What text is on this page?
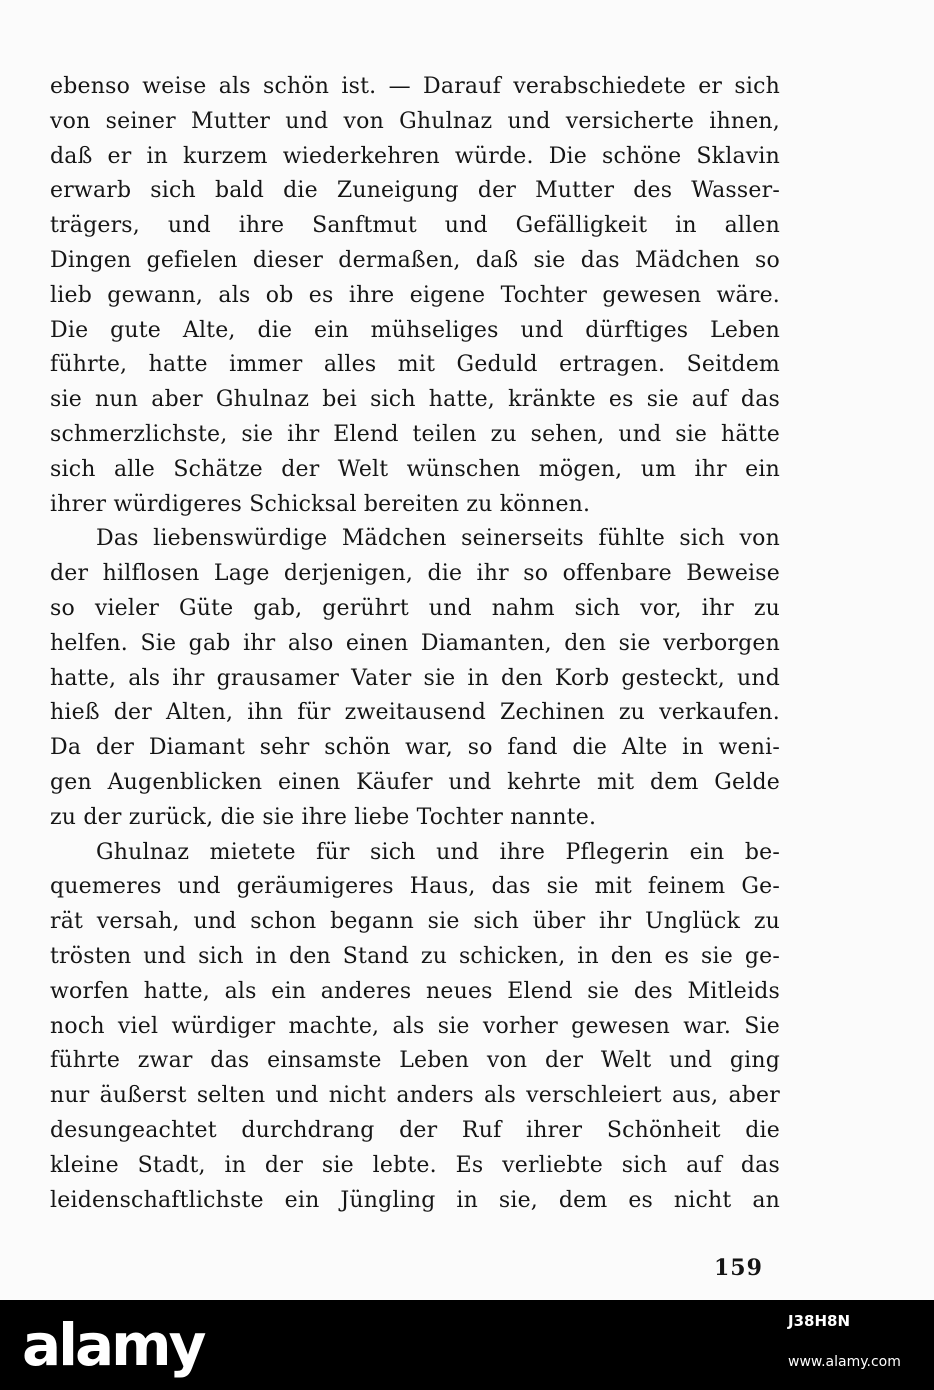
ebenso weise als schön ist. — Darauf verabschiedete er sich
von seiner Mutter und von Ghulnaz und versicherte ihnen,
daß er in kurzem wiederkehren würde. Die schöne Sklavin
erwarb sich bald die Zuneigung der Mutter des Wasser-
trägers, und ihre Sanftmut und Gefälligkeit in allen
Dingen gefielen dieser dermaßen, daß sie das Mädchen so
lieb gewann, als ob es ihre eigene Tochter gewesen wäre.
Die gute Alte, die ein mühseliges und dürftiges Leben
führte, hatte immer alles mit Geduld ertragen. Seitdem
sie nun aber Ghulnaz bei sich hatte, kränkte es sie auf das
schmerzlichste, sie ihr Elend teilen zu sehen, und sie hätte
sich alle Schätze der Welt wünschen mögen, um ihr ein
ihrer würdigeres Schicksal bereiten zu können.
Das liebenswürdige Mädchen seinerseits fühlte sich von
der hilflosen Lage derjenigen, die ihr so offenbare Beweise
so vieler Güte gab, gerührt und nahm sich vor, ihr zu
helfen. Sie gab ihr also einen Diamanten, den sie verborgen
hatte, als ihr grausamer Vater sie in den Korb gesteckt, und
hieß der Alten, ihn für zweitausend Zechinen zu verkaufen.
Da der Diamant sehr schön war, so fand die Alte in weni-
gen Augenblicken einen Käufer und kehrte mit dem Gelde
zu der zurück, die sie ihre liebe Tochter nannte.
Ghulnaz mietete für sich und ihre Pflegerin ein be-
quemeres und geräumigeres Haus, das sie mit feinem Ge-
rät versah, und schon begann sie sich über ihr Unglück zu
trösten und sich in den Stand zu schicken, in den es sie ge-
worfen hatte, als ein anderes neues Elend sie des Mitleids
noch viel würdiger machte, als sie vorher gewesen war. Sie
führte zwar das einsamste Leben von der Welt und ging
nur äußerst selten und nicht anders als verschleiert aus, aber
desungeachtet durchdrang der Ruf ihrer Schönheit die
kleine Stadt, in der sie lebte. Es verliebte sich auf das
leidenschaftlichste ein Jüngling in sie, dem es nicht an
159
alamy	J38H8N
www.alamy.com
